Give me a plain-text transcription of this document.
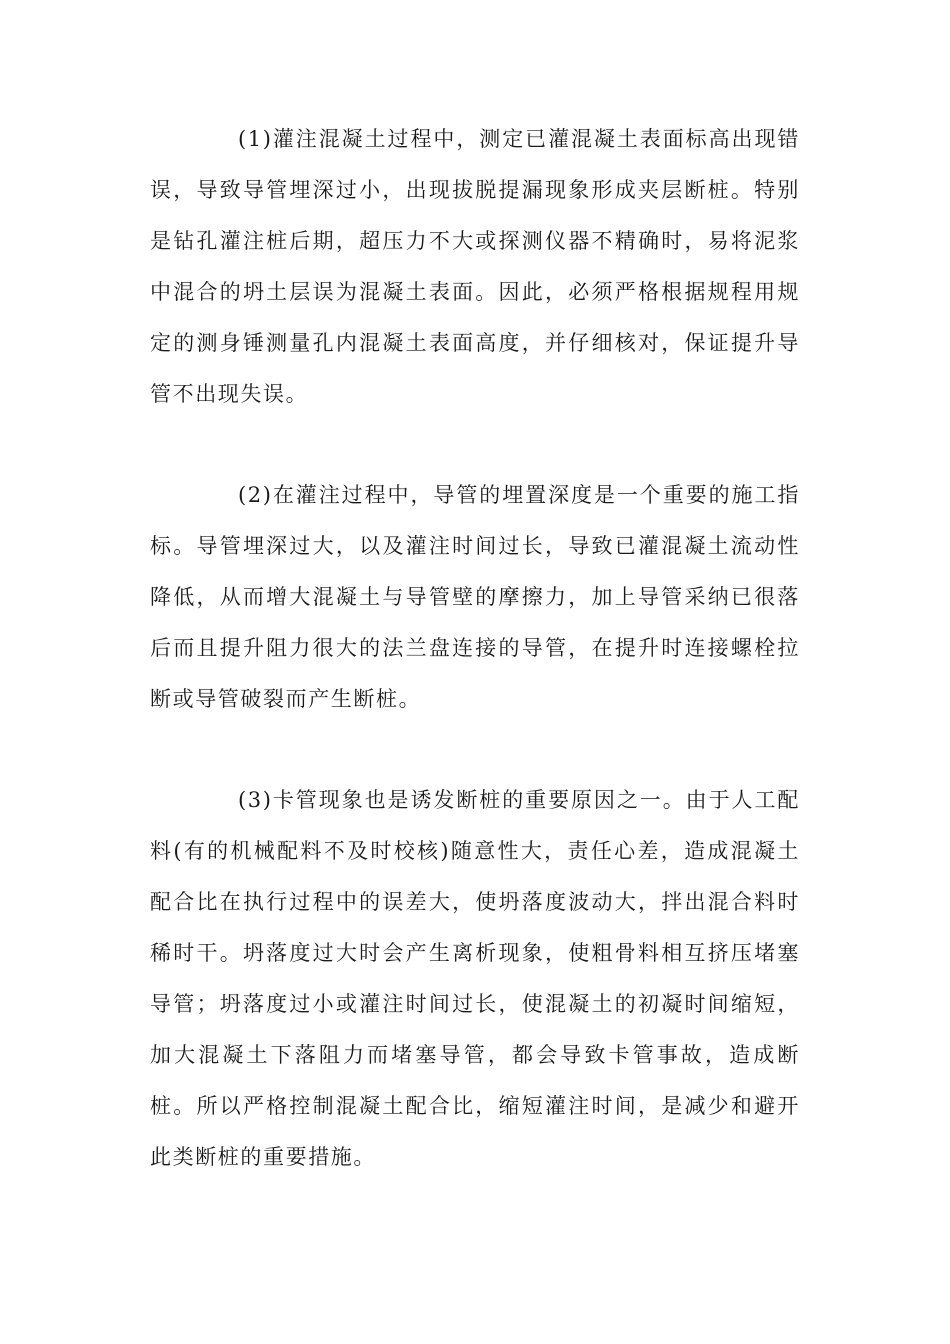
(1)灌注混凝土过程中，测定已灌混凝土表面标高出现错误，导致导管埋深过小，出现拔脱提漏现象形成夹层断桩。特别是钻孔灌注桩后期，超压力不大或探测仪器不精确时，易将泥浆中混合的坍土层误为混凝土表面。因此，必须严格根据规程用规定的测身锤测量孔内混凝土表面高度，并仔细核对，保证提升导管不出现失误。

(2)在灌注过程中，导管的埋置深度是一个重要的施工指标。导管埋深过大，以及灌注时间过长，导致已灌混凝土流动性降低，从而增大混凝土与导管壁的摩擦力，加上导管采纳已很落后而且提升阻力很大的法兰盘连接的导管，在提升时连接螺栓拉断或导管破裂而产生断桩。

(3)卡管现象也是诱发断桩的重要原因之一。由于人工配料(有的机械配料不及时校核)随意性大，责任心差，造成混凝土配合比在执行过程中的误差大，使坍落度波动大，拌出混合料时稀时干。坍落度过大时会产生离析现象，使粗骨料相互挤压堵塞导管；坍落度过小或灌注时间过长，使混凝土的初凝时间缩短，加大混凝土下落阻力而堵塞导管，都会导致卡管事故，造成断桩。所以严格控制混凝土配合比，缩短灌注时间，是减少和避开此类断桩的重要措施。
